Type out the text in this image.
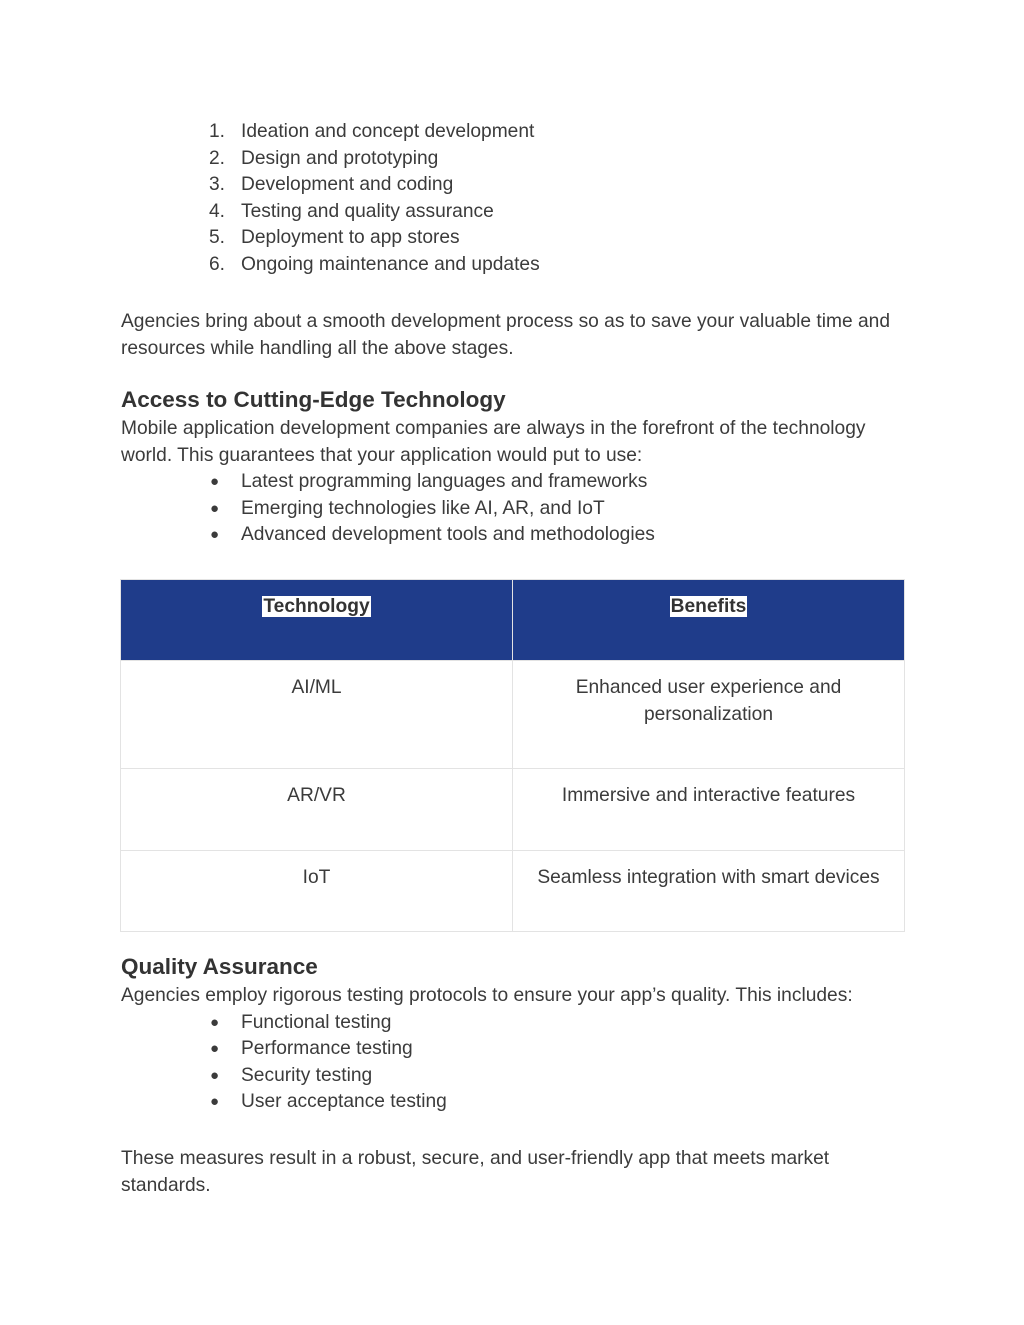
1. Ideation and concept development
2. Design and prototyping
3. Development and coding
4. Testing and quality assurance
5. Deployment to app stores
6. Ongoing maintenance and updates

Agencies bring about a smooth development process so as to save your valuable time and resources while handling all the above stages.

Access to Cutting-Edge Technology

Mobile application development companies are always in the forefront of the technology world. This guarantees that your application would put to use:

● Latest programming languages and frameworks
● Emerging technologies like AI, AR, and IoT
● Advanced development tools and methodologies
Technology	Benefits
AI/ML	Enhanced user experience and personalization
AR/VR	Immersive and interactive features
IoT	Seamless integration with smart devices
Quality Assurance

Agencies employ rigorous testing protocols to ensure your app’s quality. This includes:

● Functional testing
● Performance testing
● Security testing
● User acceptance testing

These measures result in a robust, secure, and user-friendly app that meets market standards.
